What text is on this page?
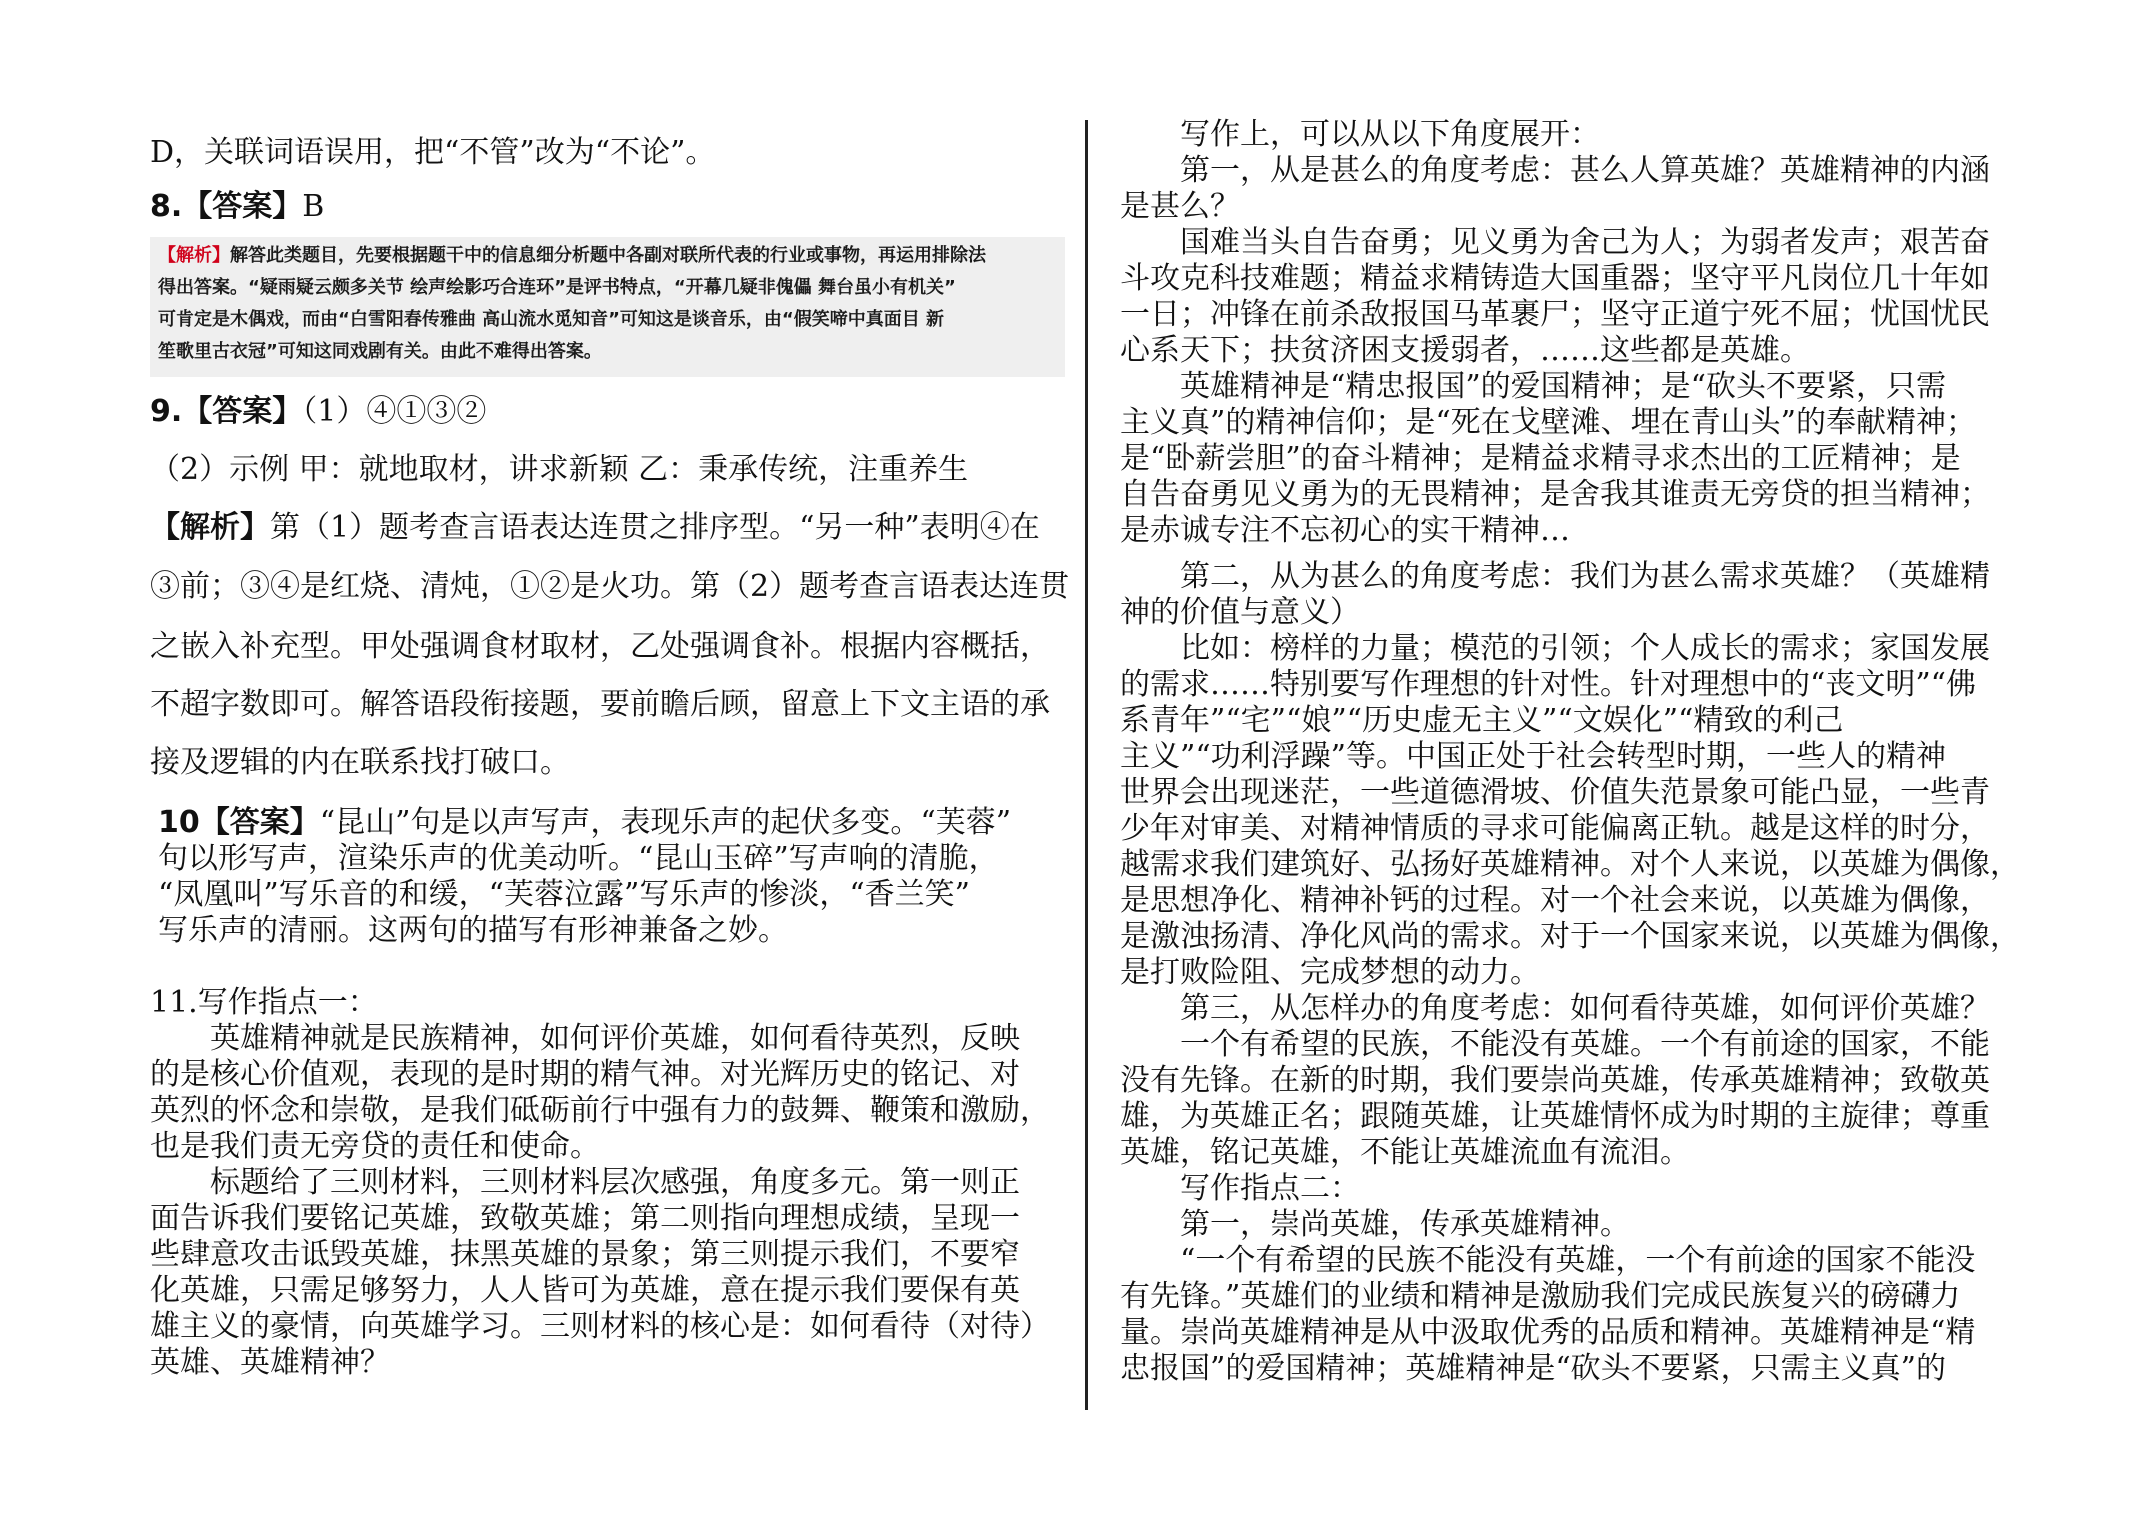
D，关联词语误用，把“不管”改为“不论”。

8.【答案】B

【解析】解答此类题目，先要根据题干中的信息细分析题中各副对联所代表的行业或事物，再运用排除法
得出答案。“疑雨疑云颇多关节 绘声绘影巧合连环”是评书特点，“开幕几疑非傀儡 舞台虽小有机关”
可肯定是木偶戏，而由“白雪阳春传雅曲 高山流水觅知音”可知这是谈音乐，由“假笑啼中真面目 新
笙歌里古衣冠”可知这同戏剧有关。由此不难得出答案。

9.【答案】（1）④①③②

（2）示例 甲：就地取材，讲求新颖 乙：秉承传统，注重养生

【解析】第（1）题考查言语表达连贯之排序型。“另一种”表明④在

③前；③④是红烧、清炖，①②是火功。第（2）题考查言语表达连贯

之嵌入补充型。甲处强调食材取材，乙处强调食补。根据内容概括，

不超字数即可。解答语段衔接题，要前瞻后顾，留意上下文主语的承

接及逻辑的内在联系找打破口。

10【答案】“昆山”句是以声写声，表现乐声的起伏多变。“芙蓉”

句以形写声，渲染乐声的优美动听。“昆山玉碎”写声响的清脆，

“凤凰叫”写乐音的和缓，“芙蓉泣露”写乐声的惨淡，“香兰笑”

写乐声的清丽。这两句的描写有形神兼备之妙。

11.写作指点一：

　　英雄精神就是民族精神，如何评价英雄，如何看待英烈，反映

的是核心价值观，表现的是时期的精气神。对光辉历史的铭记、对

英烈的怀念和崇敬，是我们砥砺前行中强有力的鼓舞、鞭策和激励，

也是我们责无旁贷的责任和使命。

　　标题给了三则材料，三则材料层次感强，角度多元。第一则正

面告诉我们要铭记英雄，致敬英雄；第二则指向理想成绩，呈现一

些肆意攻击诋毁英雄，抹黑英雄的景象；第三则提示我们，不要窄

化英雄，只需足够努力，人人皆可为英雄，意在提示我们要保有英

雄主义的豪情，向英雄学习。三则材料的核心是：如何看待（对待）

英雄、英雄精神？

　　写作上，可以从以下角度展开：

　　第一，从是甚么的角度考虑：甚么人算英雄？英雄精神的内涵

是甚么？

　　国难当头自告奋勇；见义勇为舍己为人；为弱者发声；艰苦奋

斗攻克科技难题；精益求精铸造大国重器；坚守平凡岗位几十年如

一日；冲锋在前杀敌报国马革裹尸；坚守正道宁死不屈；忧国忧民

心系天下；扶贫济困支援弱者，……这些都是英雄。

　　英雄精神是“精忠报国”的爱国精神；是“砍头不要紧，只需

主义真”的精神信仰；是“死在戈壁滩、埋在青山头”的奉献精神；

是“卧薪尝胆”的奋斗精神；是精益求精寻求杰出的工匠精神；是

自告奋勇见义勇为的无畏精神；是舍我其谁责无旁贷的担当精神；

是赤诚专注不忘初心的实干精神…

　　第二，从为甚么的角度考虑：我们为甚么需求英雄？（英雄精

神的价值与意义）

　　比如：榜样的力量；模范的引领；个人成长的需求；家国发展

的需求……特别要写作理想的针对性。针对理想中的“丧文明”“佛

系青年”“宅”“娘”“历史虚无主义”“文娱化”“精致的利己

主义”“功利浮躁”等。中国正处于社会转型时期，一些人的精神

世界会出现迷茫，一些道德滑坡、价值失范景象可能凸显，一些青

少年对审美、对精神情质的寻求可能偏离正轨。越是这样的时分，

越需求我们建筑好、弘扬好英雄精神。对个人来说，以英雄为偶像，

是思想净化、精神补钙的过程。对一个社会来说，以英雄为偶像，

是激浊扬清、净化风尚的需求。对于一个国家来说，以英雄为偶像，

是打败险阻、完成梦想的动力。

　　第三，从怎样办的角度考虑：如何看待英雄，如何评价英雄？

　　一个有希望的民族，不能没有英雄。一个有前途的国家，不能

没有先锋。在新的时期，我们要崇尚英雄，传承英雄精神；致敬英

雄，为英雄正名；跟随英雄，让英雄情怀成为时期的主旋律；尊重

英雄，铭记英雄，不能让英雄流血有流泪。

　　写作指点二：

　　第一，崇尚英雄，传承英雄精神。

　　“一个有希望的民族不能没有英雄，一个有前途的国家不能没

有先锋。”英雄们的业绩和精神是激励我们完成民族复兴的磅礴力

量。崇尚英雄精神是从中汲取优秀的品质和精神。英雄精神是“精

忠报国”的爱国精神；英雄精神是“砍头不要紧，只需主义真”的
